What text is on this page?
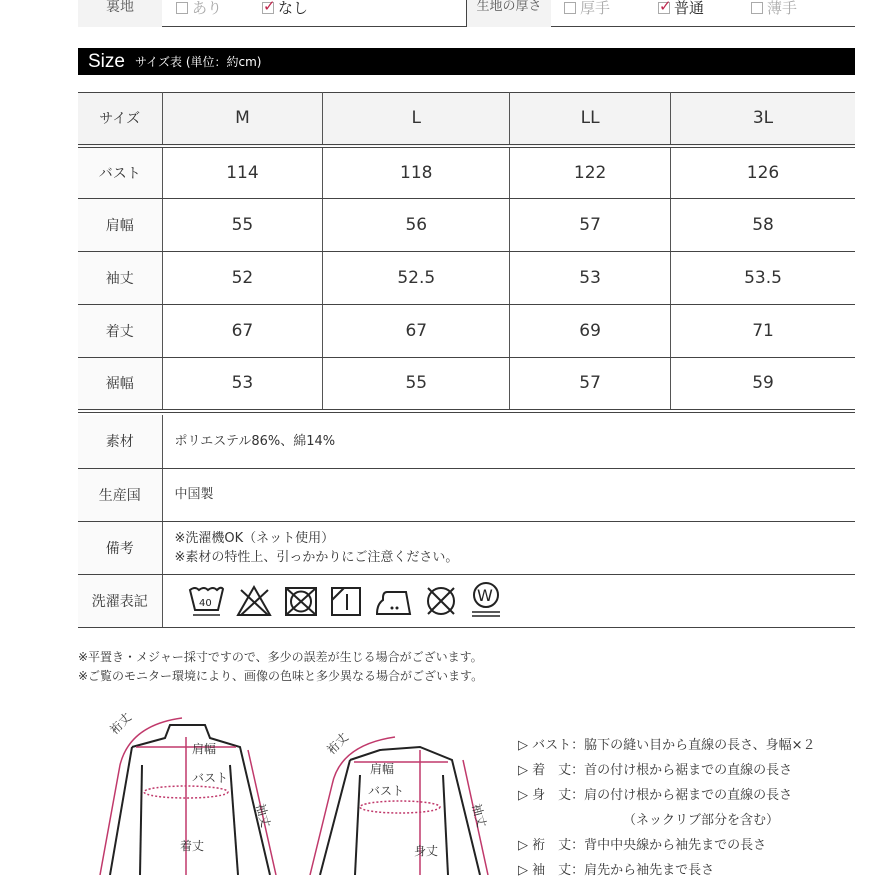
裏地	あり ✓	なし	生地の厚さ	厚手 ✓	普通	薄手
Size サイズ表 (単位：約cm)
サイズ	M	L	LL	3L
バスト	114	118	122	126
肩幅	55	56	57	58
袖丈	52	52.5	53	53.5
着丈	67	67	69	71
裾幅	53	55	57	59
素材	ポリエステル86%、綿14%
生産国	中国製
備考	※洗濯機OK（ネット使用）
※素材の特性上、引っかかりにご注意ください。

洗濯表記	40 W
※平置き・メジャー採寸ですので、多少の誤差が生じる場合がございます。
※ご覧のモニター環境により、画像の色味と多少異なる場合がございます。
裄丈
肩幅
バスト
着丈
袖丈
裄丈
肩幅
バスト
身丈
袖丈
▷ バスト：脇下の縫い目から直線の長さ、身幅×２
▷ 着　丈：首の付け根から裾までの直線の長さ
▷ 身　丈：肩の付け根から裾までの直線の長さ
（ネックリブ部分を含む）
▷ 裄　丈：背中中央線から袖先までの長さ
▷ 袖　丈：肩先から袖先まで長さ
